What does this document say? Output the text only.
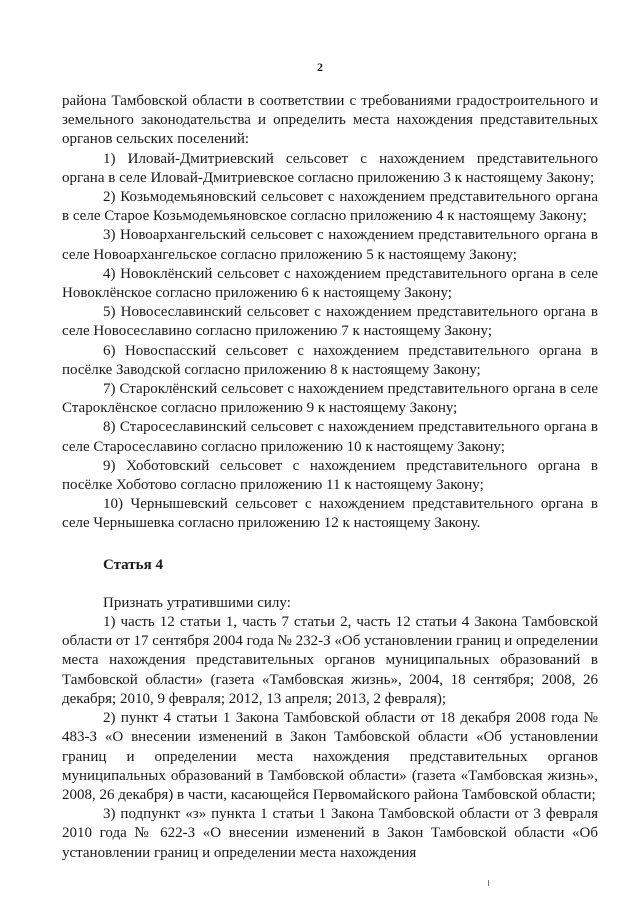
2

района Тамбовской области в соответствии с требованиями градостроительного и земельного законодательства и определить места нахождения представительных органов сельских поселений:

1) Иловай-Дмитриевский сельсовет с нахождением представительного органа в селе Иловай-Дмитриевское согласно приложению 3 к настоящему Закону;

2) Козьмодемьяновский сельсовет с нахождением представительного органа в селе Старое Козьмодемьяновское согласно приложению 4 к настоящему Закону;

3) Новоархангельский сельсовет с нахождением представительного органа в селе Новоархангельское согласно приложению 5 к настоящему Закону;

4) Новоклёнский сельсовет с нахождением представительного органа в селе Новоклёнское согласно приложению 6 к настоящему Закону;

5) Новосеславинский сельсовет с нахождением представительного органа в селе Новосеславино согласно приложению 7 к настоящему Закону;

6) Новоспасский сельсовет с нахождением представительного органа в посёлке Заводской согласно приложению 8 к настоящему Закону;

7) Староклёнский сельсовет с нахождением представительного органа в селе Староклёнское согласно приложению 9 к настоящему Закону;

8) Старосеславинский сельсовет с нахождением представительного органа в селе Старосеславино согласно приложению 10 к настоящему Закону;

9) Хоботовский сельсовет с нахождением представительного органа в посёлке Хоботово согласно приложению 11 к настоящему Закону;

10) Чернышевский сельсовет с нахождением представительного органа в селе Чернышевка согласно приложению 12 к настоящему Закону.

Статья 4

Признать утратившими силу:

1) часть 12 статьи 1, часть 7 статьи 2, часть 12 статьи 4 Закона Тамбовской области от 17 сентября 2004 года № 232-З «Об установлении границ и определении места нахождения представительных органов муниципальных образований в Тамбовской области» (газета «Тамбовская жизнь», 2004, 18 сентября; 2008, 26 декабря; 2010, 9 февраля; 2012, 13 апреля; 2013, 2 февраля);

2) пункт 4 статьи 1 Закона Тамбовской области от 18 декабря 2008 года № 483-З «О внесении изменений в Закон Тамбовской области «Об установлении границ и определении места нахождения представительных органов муниципальных образований в Тамбовской области» (газета «Тамбовская жизнь», 2008, 26 декабря) в части, касающейся Первомайского района Тамбовской области;

3) подпункт «з» пункта 1 статьи 1 Закона Тамбовской области от 3 февраля 2010 года № 622-З «О внесении изменений в Закон Тамбовской области «Об установлении границ и определении места нахождения
